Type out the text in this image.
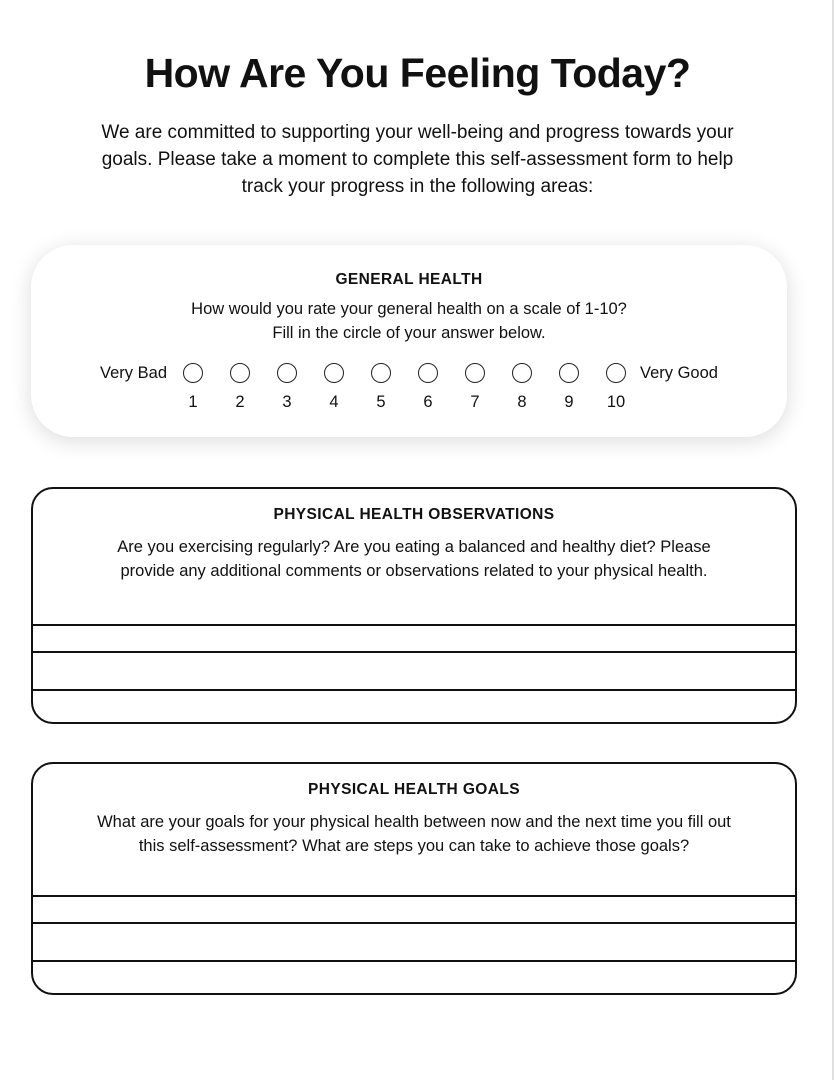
How Are You Feeling Today?
We are committed to supporting your well-being and progress towards your
goals. Please take a moment to complete this self-assessment form to help
track your progress in the following areas:
GENERAL HEALTH

How would you rate your general health on a scale of 1-10?

Fill in the circle of your answer below.

Very Bad
1 2 3 4 5 6 7 8 9 10
Very Good
PHYSICAL HEALTH OBSERVATIONS
Are you exercising regularly? Are you eating a balanced and healthy diet? Please
provide any additional comments or observations related to your physical health.
PHYSICAL HEALTH GOALS
What are your goals for your physical health between now and the next time you fill out
this self-assessment? What are steps you can take to achieve those goals?
